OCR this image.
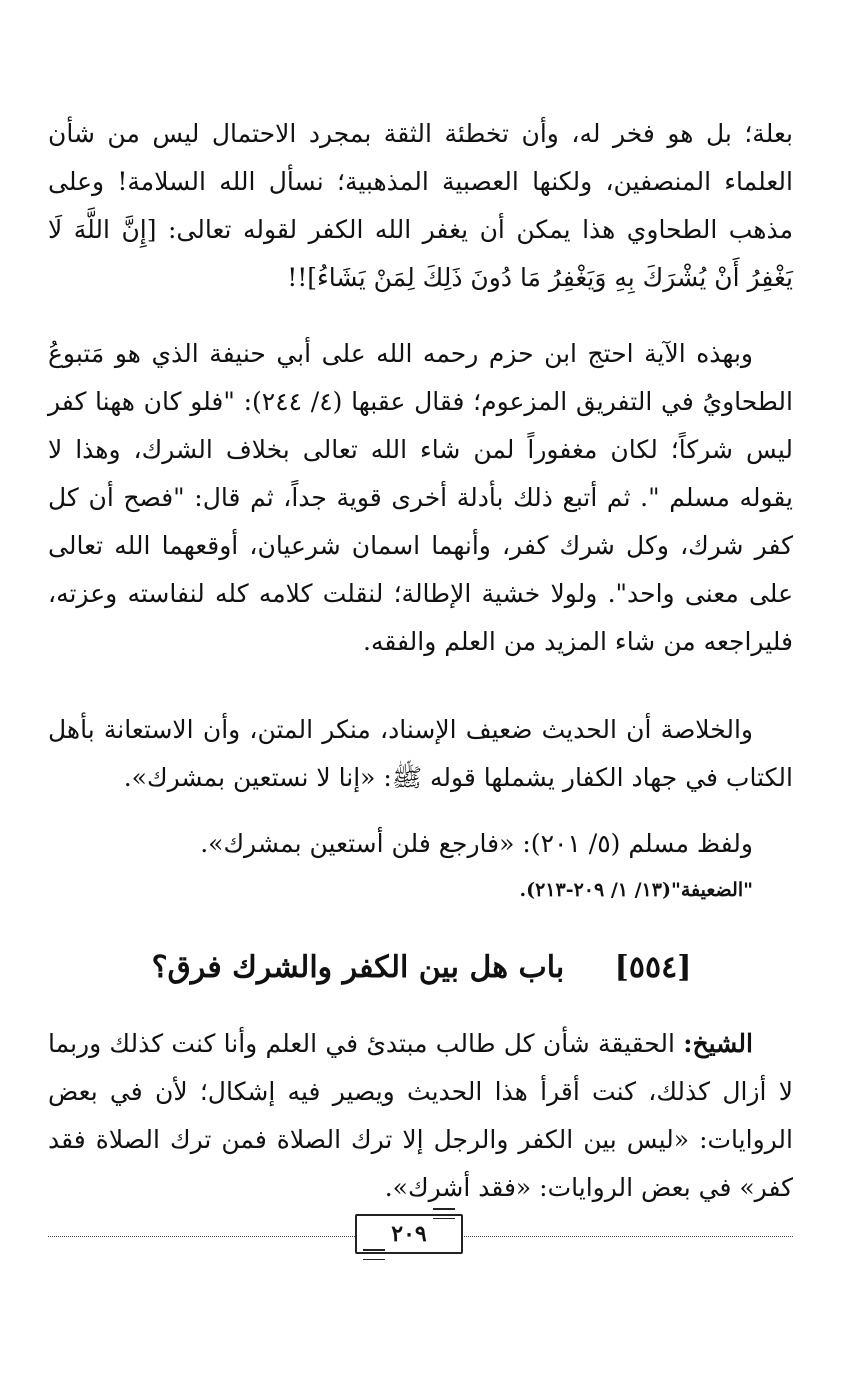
بعلة؛ بل هو فخر له، وأن تخطئة الثقة بمجرد الاحتمال ليس من شأن العلماء المنصفين، ولكنها العصبية المذهبية؛ نسأل الله السلامة! وعلى مذهب الطحاوي هذا يمكن أن يغفر الله الكفر لقوله تعالى: [إِنَّ اللَّهَ لَا يَغْفِرُ أَنْ يُشْرَكَ بِهِ وَيَغْفِرُ مَا دُونَ ذَلِكَ لِمَنْ يَشَاءُ]!!

وبهذه الآية احتج ابن حزم رحمه الله على أبي حنيفة الذي هو مَتبوعُ الطحاويُ في التفريق المزعوم؛ فقال عقبها (٤/ ٢٤٤): "فلو كان ههنا كفر ليس شركاً؛ لكان مغفوراً لمن شاء الله تعالى بخلاف الشرك، وهذا لا يقوله مسلم ". ثم أتبع ذلك بأدلة أخرى قوية جداً، ثم قال: "فصح أن كل كفر شرك، وكل شرك كفر، وأنهما اسمان شرعيان، أوقعهما الله تعالى على معنى واحد". ولولا خشية الإطالة؛ لنقلت كلامه كله لنفاسته وعزته، فليراجعه من شاء المزيد من العلم والفقه.

والخلاصة أن الحديث ضعيف الإسناد، منكر المتن، وأن الاستعانة بأهل الكتاب في جهاد الكفار يشملها قوله ﷺ: «إنا لا نستعين بمشرك».

ولفظ مسلم (٥/ ٢٠١): «فارجع فلن أستعين بمشرك».

"الضعيفة"(١٣/ ١/ ٢٠٩-٢١٣).

[٥٥٤] باب هل بين الكفر والشرك فرق؟

الشيخ: الحقيقة شأن كل طالب مبتدئ في العلم وأنا كنت كذلك وربما لا أزال كذلك، كنت أقرأ هذا الحديث ويصير فيه إشكال؛ لأن في بعض الروايات: «ليس بين الكفر والرجل إلا ترك الصلاة فمن ترك الصلاة فقد كفر» في بعض الروايات: «فقد أشرك».

٢٠٩
